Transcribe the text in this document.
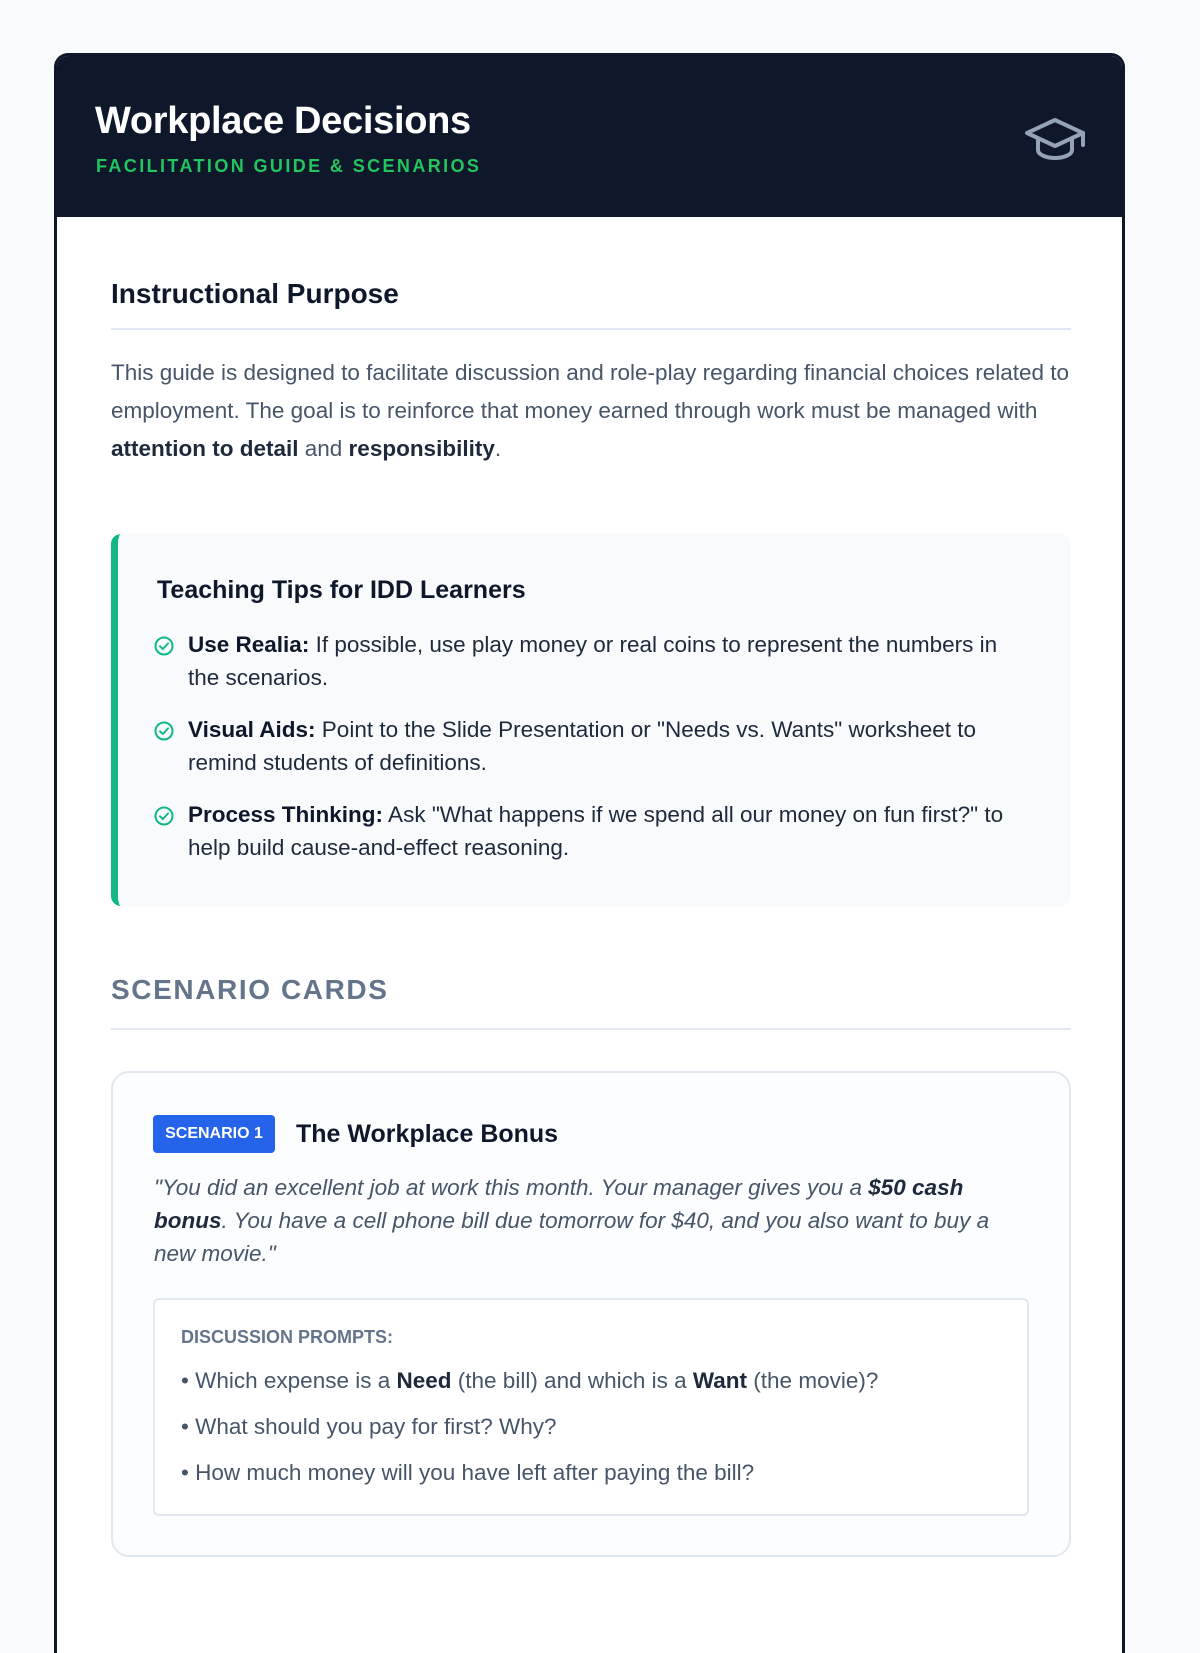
Workplace Decisions
FACILITATION GUIDE & SCENARIOS
Instructional Purpose
This guide is designed to facilitate discussion and role-play regarding financial choices related to employment. The goal is to reinforce that money earned through work must be managed with attention to detail and responsibility.
Teaching Tips for IDD Learners
Use Realia: If possible, use play money or real coins to represent the numbers in the scenarios.
Visual Aids: Point to the Slide Presentation or "Needs vs. Wants" worksheet to remind students of definitions.
Process Thinking: Ask "What happens if we spend all our money on fun first?" to help build cause-and-effect reasoning.
SCENARIO CARDS
SCENARIO 1	The Workplace Bonus
"You did an excellent job at work this month. Your manager gives you a $50 cash bonus. You have a cell phone bill due tomorrow for $40, and you also want to buy a new movie."
DISCUSSION PROMPTS:
• Which expense is a Need (the bill) and which is a Want (the movie)?
• What should you pay for first? Why?
• How much money will you have left after paying the bill?
